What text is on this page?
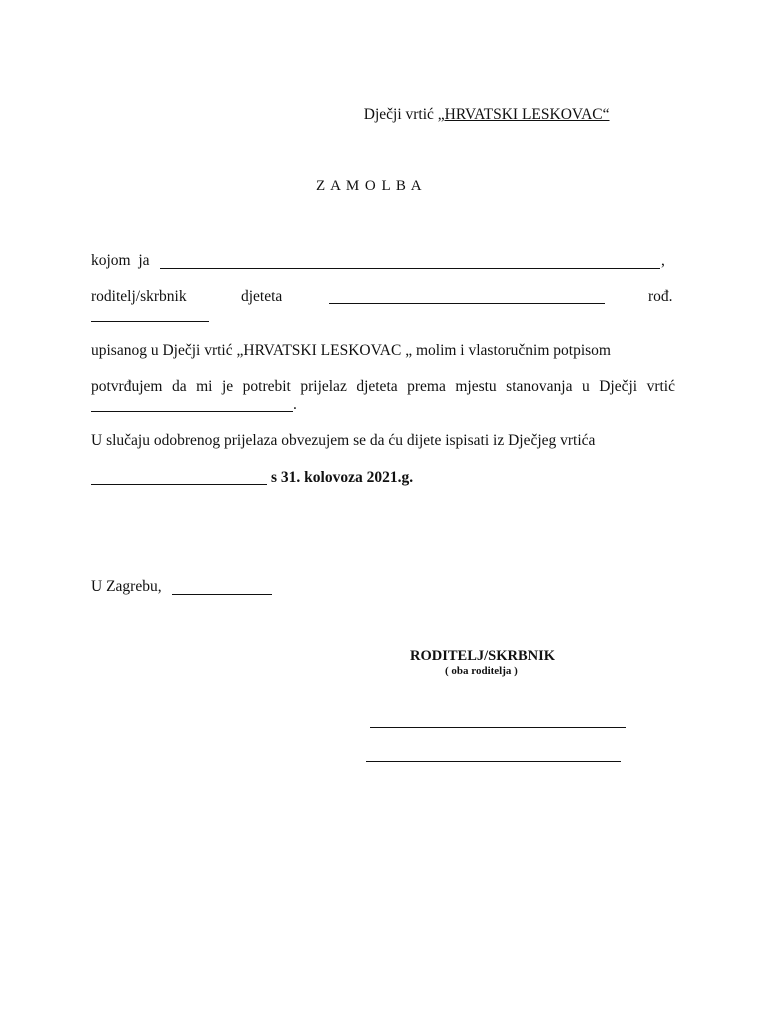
Dječji vrtić „HRVATSKI LESKOVAC“

Z A M O L B A
kojom  ja	,
roditelj/skrbnik	djeteta	rođ.
upisanog u Dječji vrtić „HRVATSKI LESKOVAC „ molim i vlastoručnim potpisom
potvrđujem da mi je potrebit prijelaz djeteta prema mjestu stanovanja u Dječji vrtić
.
U slučaju odobrenog prijelaza obvezujem se da ću dijete ispisati iz Dječjeg vrtića
s 31. kolovoza 2021.g.
U Zagrebu,
RODITELJ/SKRBNIK
( oba roditelja )
